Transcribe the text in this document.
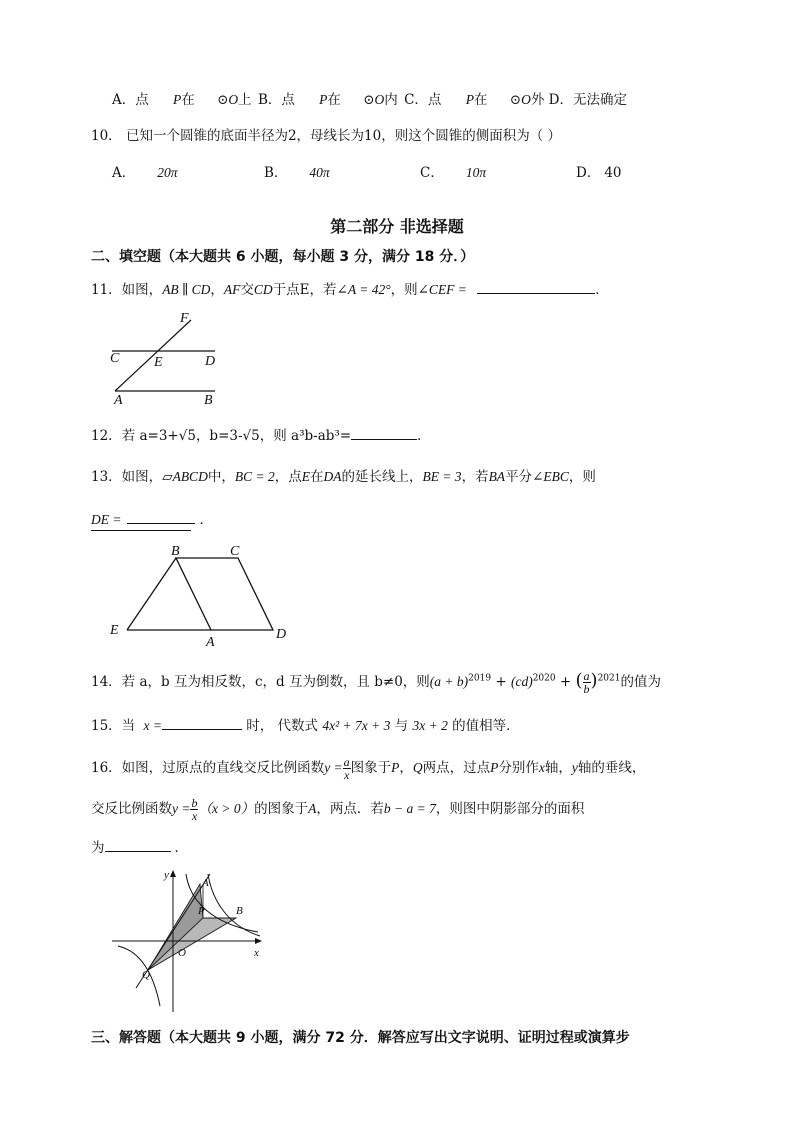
A．点 P在 ⊙O上 B．点 P在 ⊙O内 C．点 P在 ⊙O外 D．无法确定
10． 已知一个圆锥的底面半径为2，母线长为10，则这个圆锥的侧面积为（ ）
A． 20π	B． 40π	C． 10π	D． 40
第二部分 非选择题
二、填空题（本大题共 6 小题，每小题 3 分，满分 18 分．）
11．如图，AB ∥ CD，AF交CD于点E，若∠A = 42°，则∠CEF =	．
F
C E	D
A	B
12．若 a=3+√5，b=3-√5，则 a³b-ab³=	．
13．如图，▱ABCD中，BC = 2，点E在DA的延长线上，BE = 3，若BA平分∠EBC，则
DE =	．
B	C
E
A
D
14．若 a，b 互为相反数，c，d 互为倒数，且 b≠0，则$(a + b)^{2019} + (cd)^{2020}$ + ( $\frac{a}{b} )^{2021}$的值为
15．当 x =	时， 代数式 4x² + 7x + 3 与 3x + 2 的值相等．
16．如图，过原点的直线交反比例函数$y = \frac{a}{x}$ 图象于P，Q两点，过点P分别作x轴，y轴的垂线，
交反比例函数$y = \frac{b}{x} (x > 0)$的图象于A，两点．若b − a = 7，则图中阴影部分的面积
为	．
y
x
O
A
P	B
Q
三、解答题（本大题共 9 小题，满分 72 分．解答应写出文字说明、证明过程或演算步
